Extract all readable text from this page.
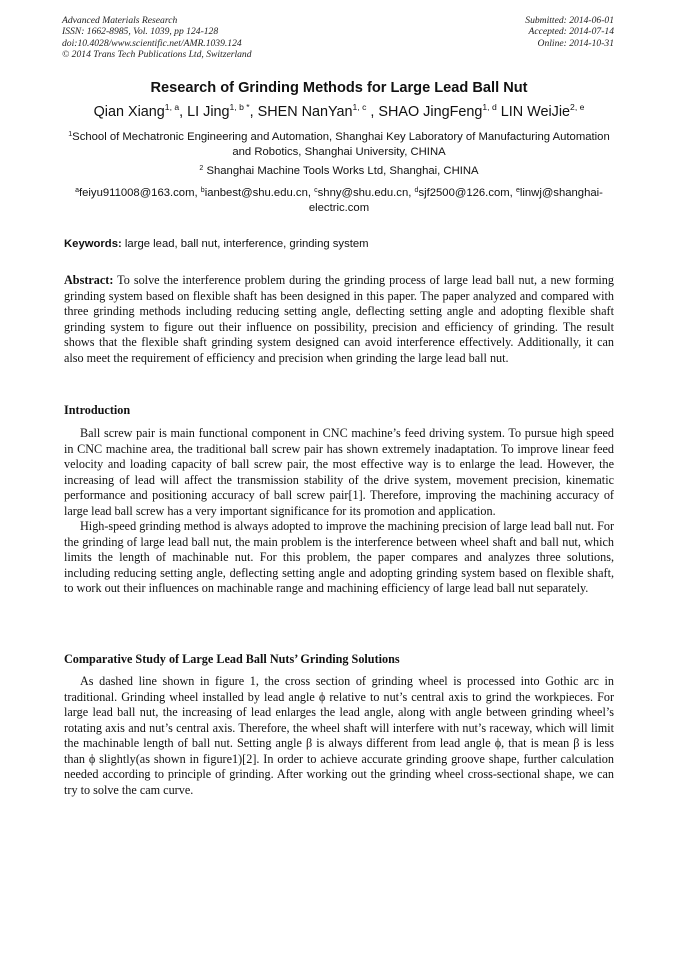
Advanced Materials Research
ISSN: 1662-8985, Vol. 1039, pp 124-128
doi:10.4028/www.scientific.net/AMR.1039.124
© 2014 Trans Tech Publications Ltd, Switzerland
Submitted: 2014-06-01
Accepted: 2014-07-14
Online: 2014-10-31
Research of Grinding Methods for Large Lead Ball Nut
Qian Xiang$^{1, a}$, LI Jing$^{1, b *}$, SHEN NanYan$^{1, c}$ , SHAO JingFeng$^{1, d}$ LIN WeiJie$^{2, e}$
$^1$School of Mechatronic Engineering and Automation, Shanghai Key Laboratory of Manufacturing Automation and Robotics, Shanghai University, CHINA
$^2$ Shanghai Machine Tools Works Ltd, Shanghai, CHINA
$^a$feiyu911008@163.com, $^b$ianbest@shu.edu.cn, $^c$shny@shu.edu.cn, $^d$sjf2500@126.com, $^e$linwj@shanghai-electric.com
Keywords: large lead, ball nut, interference, grinding system

Abstract: To solve the interference problem during the grinding process of large lead ball nut, a new forming grinding system based on flexible shaft has been designed in this paper. The paper analyzed and compared with three grinding methods including reducing setting angle, deflecting setting angle and adopting flexible shaft grinding system to figure out their influence on possibility, precision and efficiency of grinding. The result shows that the flexible shaft grinding system designed can avoid interference effectively. Additionally, it can also meet the requirement of efficiency and precision when grinding the large lead ball nut.

Introduction

Ball screw pair is main functional component in CNC machine’s feed driving system. To pursue high speed in CNC machine area, the traditional ball screw pair has shown extremely inadaptation. To improve linear feed velocity and loading capacity of ball screw pair, the most effective way is to enlarge the lead. However, the increasing of lead will affect the transmission stability of the drive system, movement precision, kinematic performance and positioning accuracy of ball screw pair[1]. Therefore, improving the machining accuracy of large lead ball screw has a very important significance for its promotion and application.

High-speed grinding method is always adopted to improve the machining precision of large lead ball nut. For the grinding of large lead ball nut, the main problem is the interference between wheel shaft and ball nut, which limits the length of machinable nut. For this problem, the paper compares and analyzes three solutions, including reducing setting angle, deflecting setting angle and adopting grinding system based on flexible shaft, to work out their influences on machinable range and machining efficiency of large lead ball nut separately.

Comparative Study of Large Lead Ball Nuts’ Grinding Solutions

As dashed line shown in figure 1, the cross section of grinding wheel is processed into Gothic arc in traditional. Grinding wheel installed by lead angle ϕ relative to nut’s central axis to grind the workpieces. For large lead ball nut, the increasing of lead enlarges the lead angle, along with angle between grinding wheel’s rotating axis and nut’s central axis. Therefore, the wheel shaft will interfere with nut’s raceway, which will limit the machinable length of ball nut. Setting angle β is always different from lead angle ϕ, that is mean β is less than ϕ slightly(as shown in figure1)[2]. In order to achieve accurate grinding groove shape, further calculation needed according to principle of grinding. After working out the grinding wheel cross-sectional shape, we can try to solve the cam curve.
